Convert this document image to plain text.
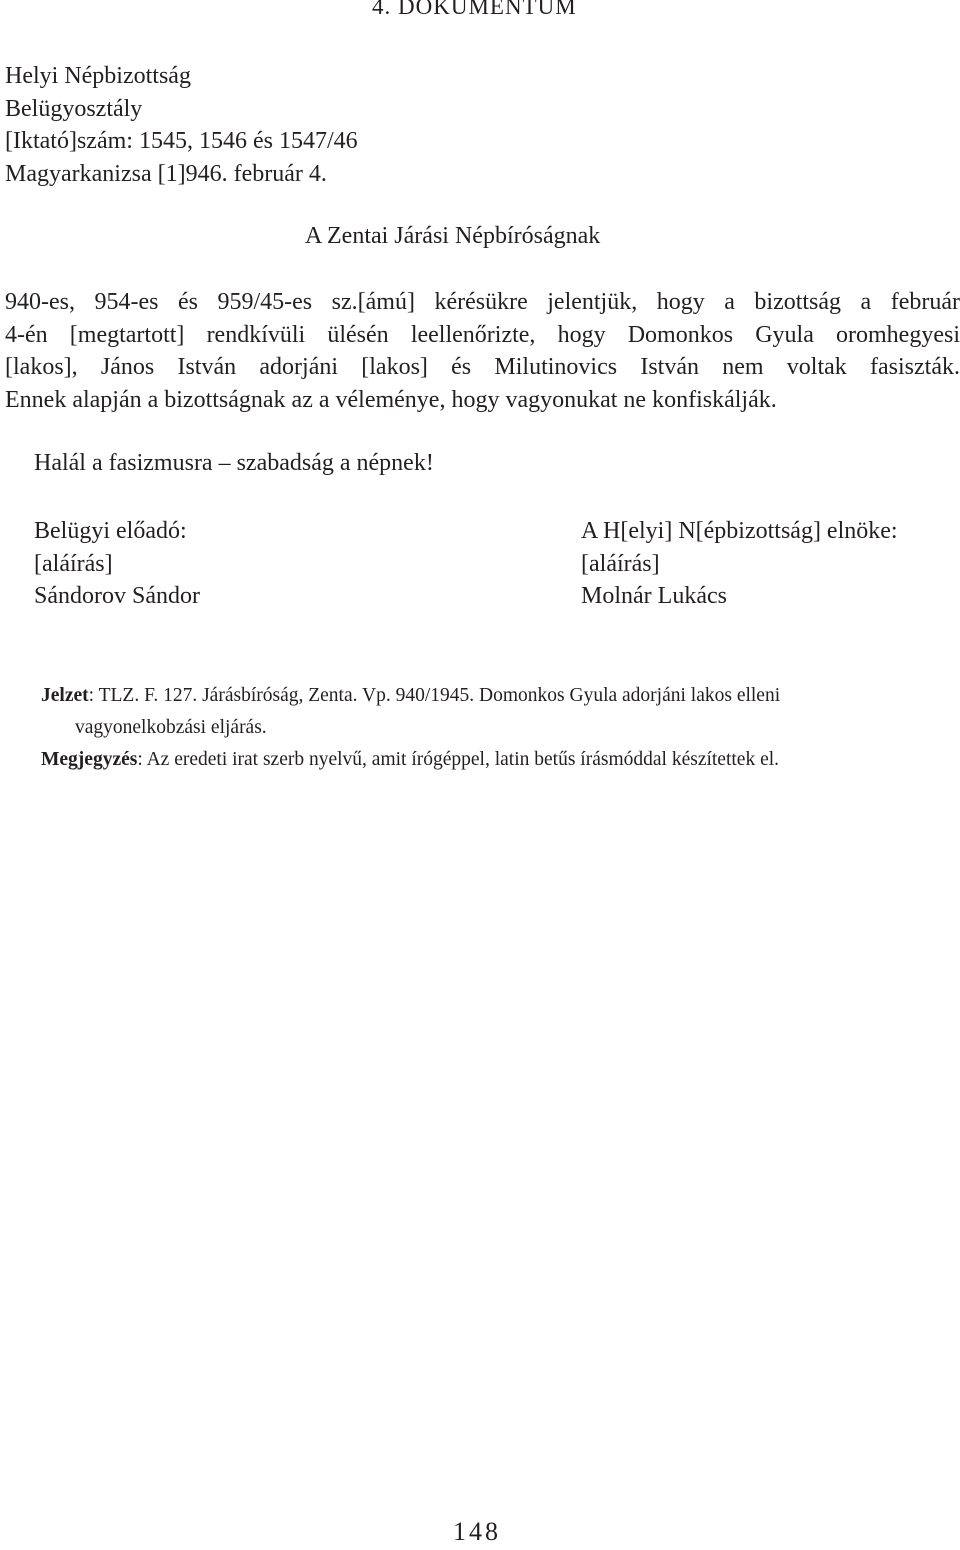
4. DOKUMENTUM
Helyi Népbizottság
Belügyosztály
[Iktató]szám: 1545, 1546 és 1547/46
Magyarkanizsa [1]946. február 4.
A Zentai Járási Népbíróságnak
940-es, 954-es és 959/45-es sz.[ámú] kérésükre jelentjük, hogy a bizottság a február
4-én [megtartott] rendkívüli ülésén leellenőrizte, hogy Domonkos Gyula oromhegyesi
[lakos], János István adorjáni [lakos] és Milutinovics István nem voltak fasiszták.
Ennek alapján a bizottságnak az a véleménye, hogy vagyonukat ne konfiskálják.
Halál a fasizmusra – szabadság a népnek!
Belügyi előadó:
[aláírás]
Sándorov Sándor
A H[elyi] N[épbizottság] elnöke:
[aláírás]
Molnár Lukács
Jelzet: TLZ. F. 127. Járásbíróság, Zenta. Vp. 940/1945. Domonkos Gyula adorjáni lakos elleni
vagyonelkobzási eljárás.
Megjegyzés: Az eredeti irat szerb nyelvű, amit írógéppel, latin betűs írásmóddal készítettek el.
148
